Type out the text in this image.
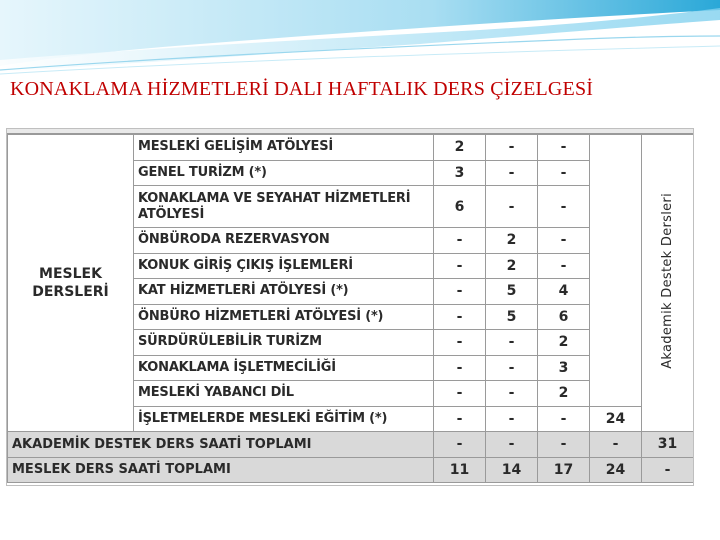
KONAKLAMA HİZMETLERİ DALI HAFTALIK DERS ÇİZELGESİ
MESLEK DERSLERİ	MESLEKİ GELİŞİM ATÖLYESİ	2	-	-		Akademik Destek Dersleri
	GENEL TURİZM (*)	3	-	-		
	KONAKLAMA VE SEYAHAT HİZMETLERİ ATÖLYESİ	6	-	-		
	ÖNBÜRODA REZERVASYON	-	2	-		
	KONUK GİRİŞ ÇIKIŞ İŞLEMLERİ	-	2	-		
	KAT HİZMETLERİ ATÖLYESİ (*)	-	5	4		
	ÖNBÜRO HİZMETLERİ ATÖLYESİ (*)	-	5	6		
	SÜRDÜRÜLEBİLİR TURİZM	-	-	2		
	KONAKLAMA İŞLETMECİLİĞİ	-	-	3		
	MESLEKİ YABANCI DİL	-	-	2		
	İŞLETMELERDE MESLEKİ EĞİTİM (*)	-	-	-	24	
AKADEMİK DESTEK DERS SAATİ TOPLAMI		-	-	-	-	31
MESLEK DERS SAATİ TOPLAMI		11	14	17	24	-
